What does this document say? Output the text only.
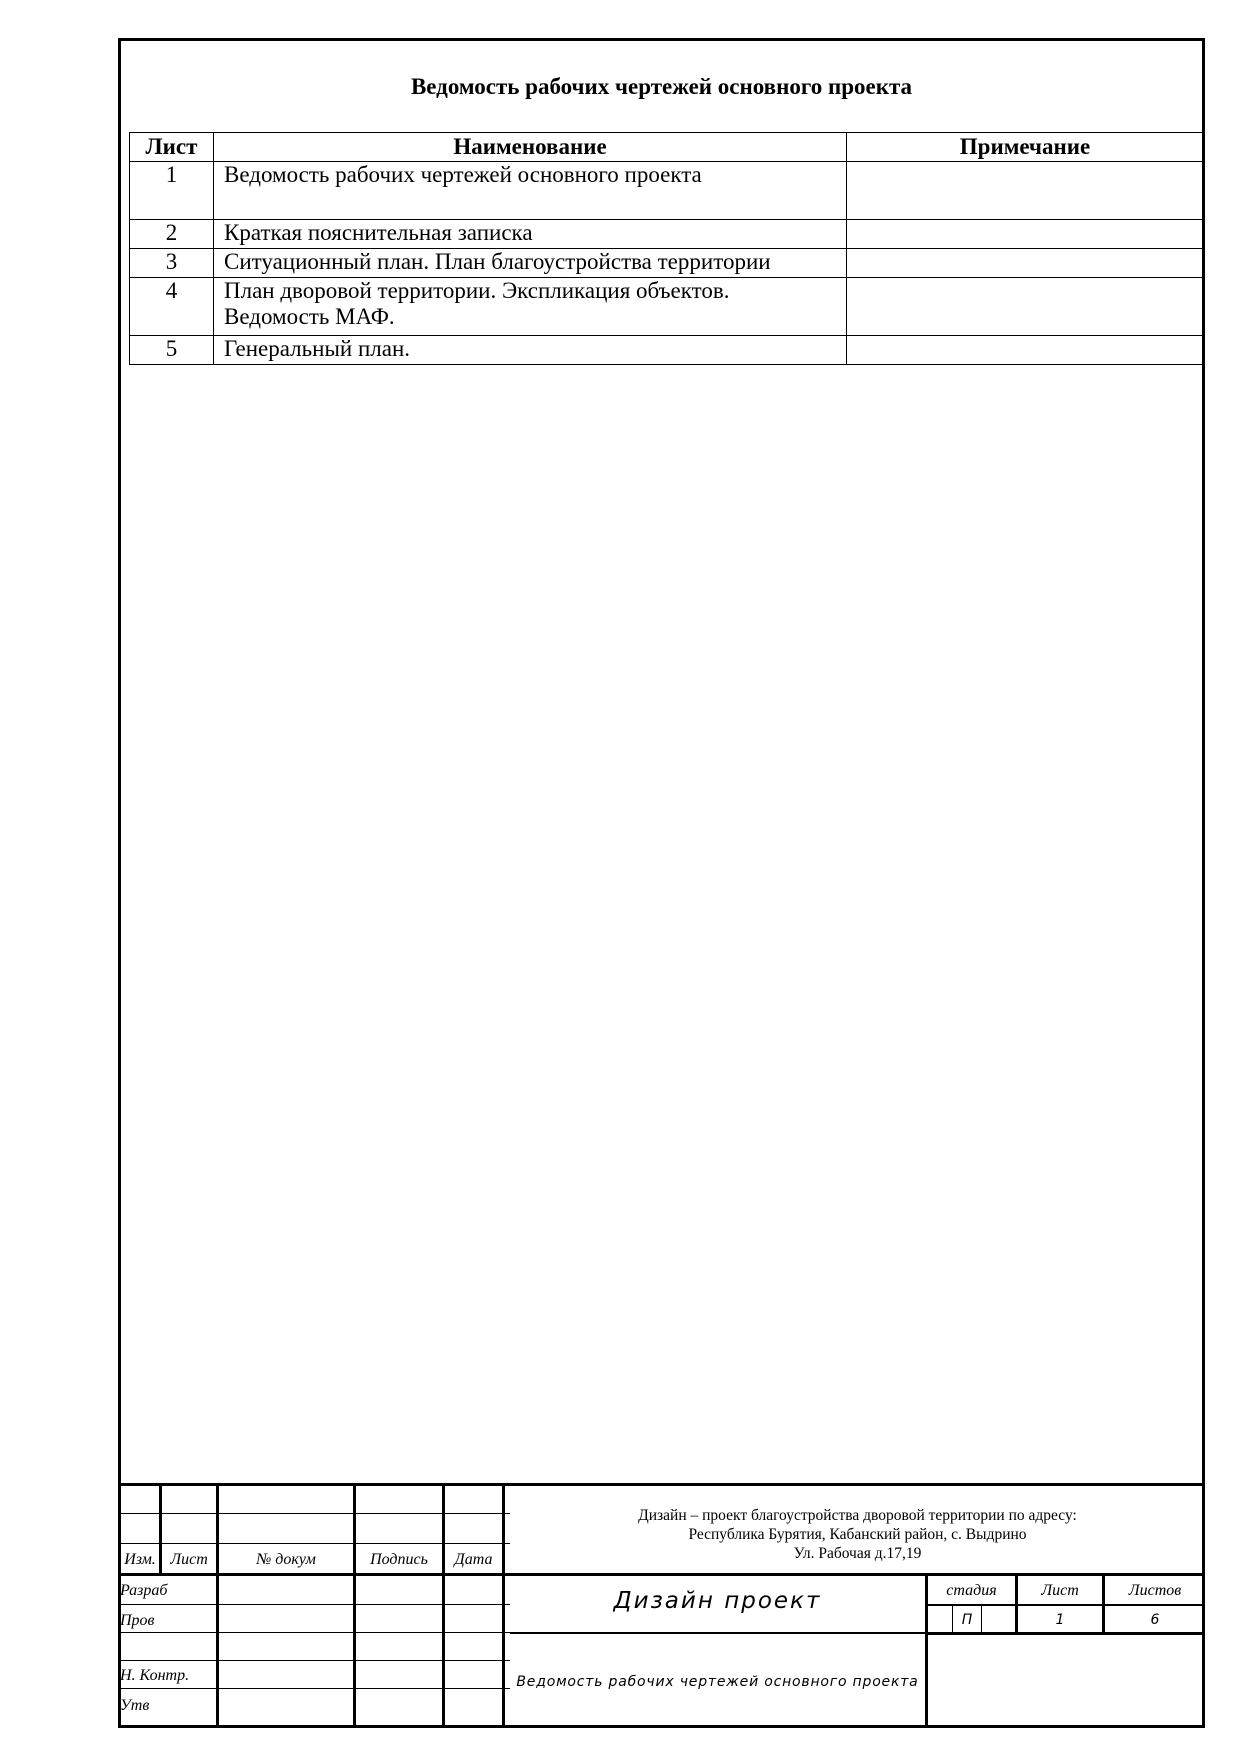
Ведомость рабочих чертежей основного проекта
Лист	Наименование	Примечание
1	Ведомость рабочих чертежей основного проекта	
2	Краткая пояснительная записка	
3	Ситуационный план. План благоустройства территории	
4	План дворовой территории. Экспликация объектов.
Ведомость МАФ.	

5	Генеральный план.	
Изм. Лист	№ докум	Подпись	Дата
Разраб
Пров
Н. Контр.
Утв
Дизайн – проект благоустройства дворовой территории по адресу:
Республика Бурятия, Кабанский район, с. Выдрино
Ул. Рабочая д.17,19
Дизайн проект
Ведомость рабочих чертежей основного проекта
стадия	Лист	Листов
П	1	6
